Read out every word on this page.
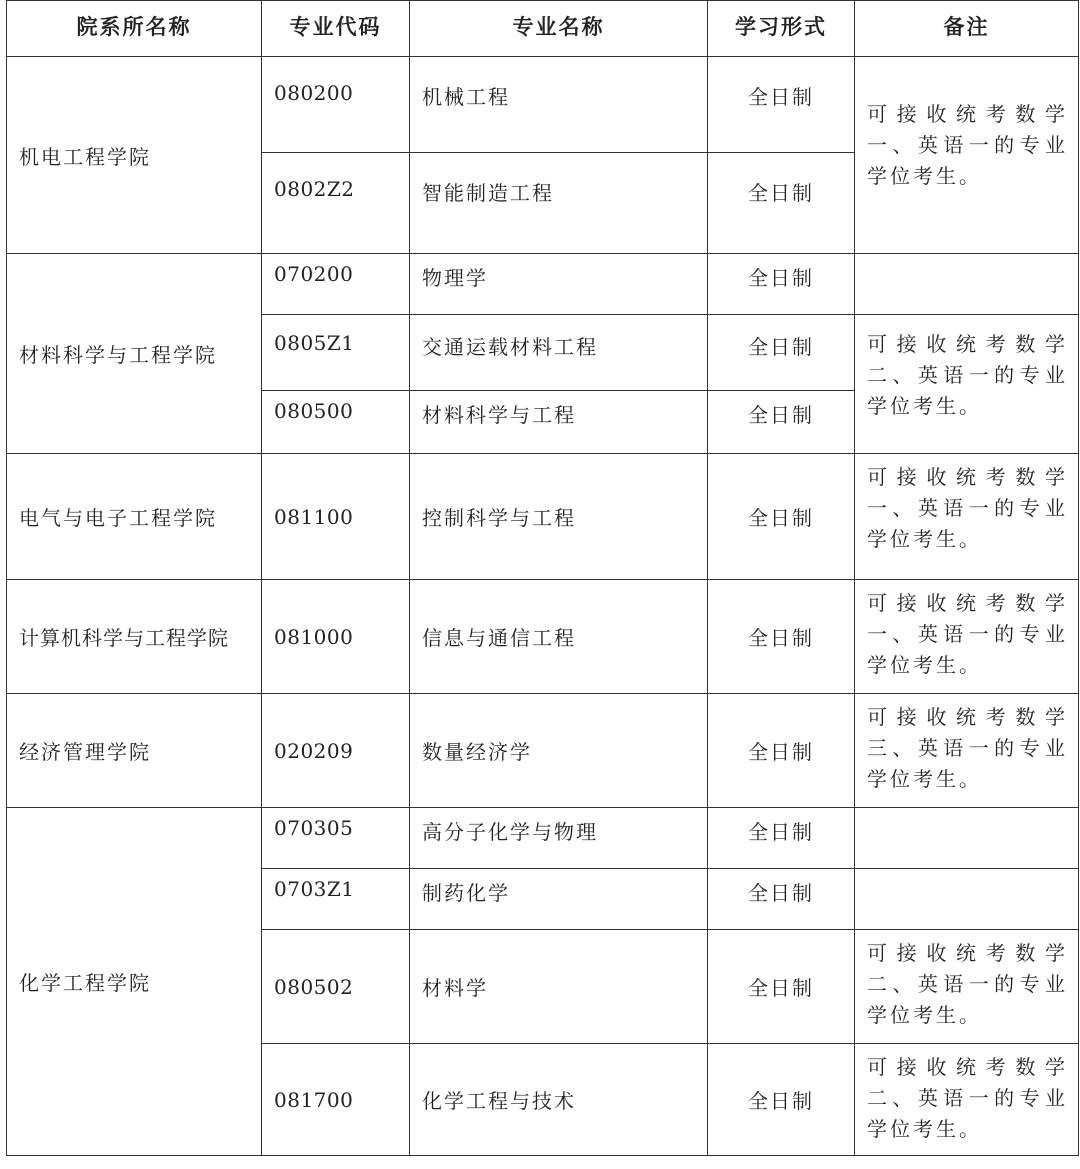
院系所名称	专业代码	专业名称	学习形式	备注
机电工程学院	080200	机械工程	全日制	可接收统考数学一、英语一的专业学位考生。
	0802Z2	智能制造工程	全日制	
材料科学与工程学院	070200	物理学	全日制	
	0805Z1	交通运载材料工程	全日制	可接收统考数学二、英语一的专业学位考生。
	080500	材料科学与工程	全日制	
电气与电子工程学院	081100	控制科学与工程	全日制	可接收统考数学一、英语一的专业学位考生。
计算机科学与工程学院	081000	信息与通信工程	全日制	可接收统考数学一、英语一的专业学位考生。
经济管理学院	020209	数量经济学	全日制	可接收统考数学三、英语一的专业学位考生。
化学工程学院	070305	高分子化学与物理	全日制	
	0703Z1	制药化学	全日制	
	080502	材料学	全日制	可接收统考数学二、英语一的专业学位考生。
	081700	化学工程与技术	全日制	可接收统考数学二、英语一的专业学位考生。
